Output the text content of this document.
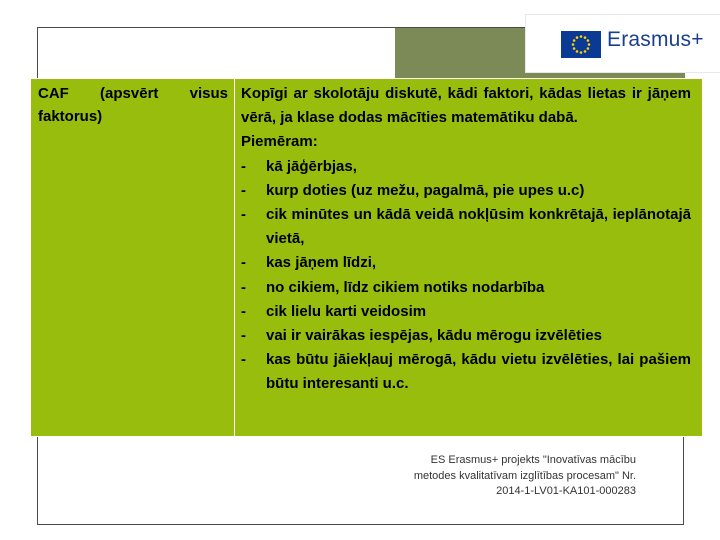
Erasmus+
CAF (apsvērt visus
faktorus)
Kopīgi ar skolotāju diskutē, kādi faktori, kādas lietas ir jāņem vērā, ja klase dodas mācīties matemātiku dabā.
Piemēram:
-	kā jāģērbjas,
-	kurp doties (uz mežu, pagalmā, pie upes u.c)
-	cik minūtes un kādā veidā nokļūsim konkrētajā, ieplānotajā vietā,
-	kas jāņem līdzi,
-	no cikiem, līdz cikiem notiks nodarbība
-	cik lielu karti veidosim
-	vai ir vairākas iespējas, kādu mērogu izvēlēties
-	kas būtu jāiekļauj mērogā, kādu vietu izvēlēties, lai pašiem būtu interesanti u.c.
ES Erasmus+ projekts "Inovatīvas mācību
metodes kvalitatīvam izglītības procesam" Nr.
2014-1-LV01-KA101-000283
